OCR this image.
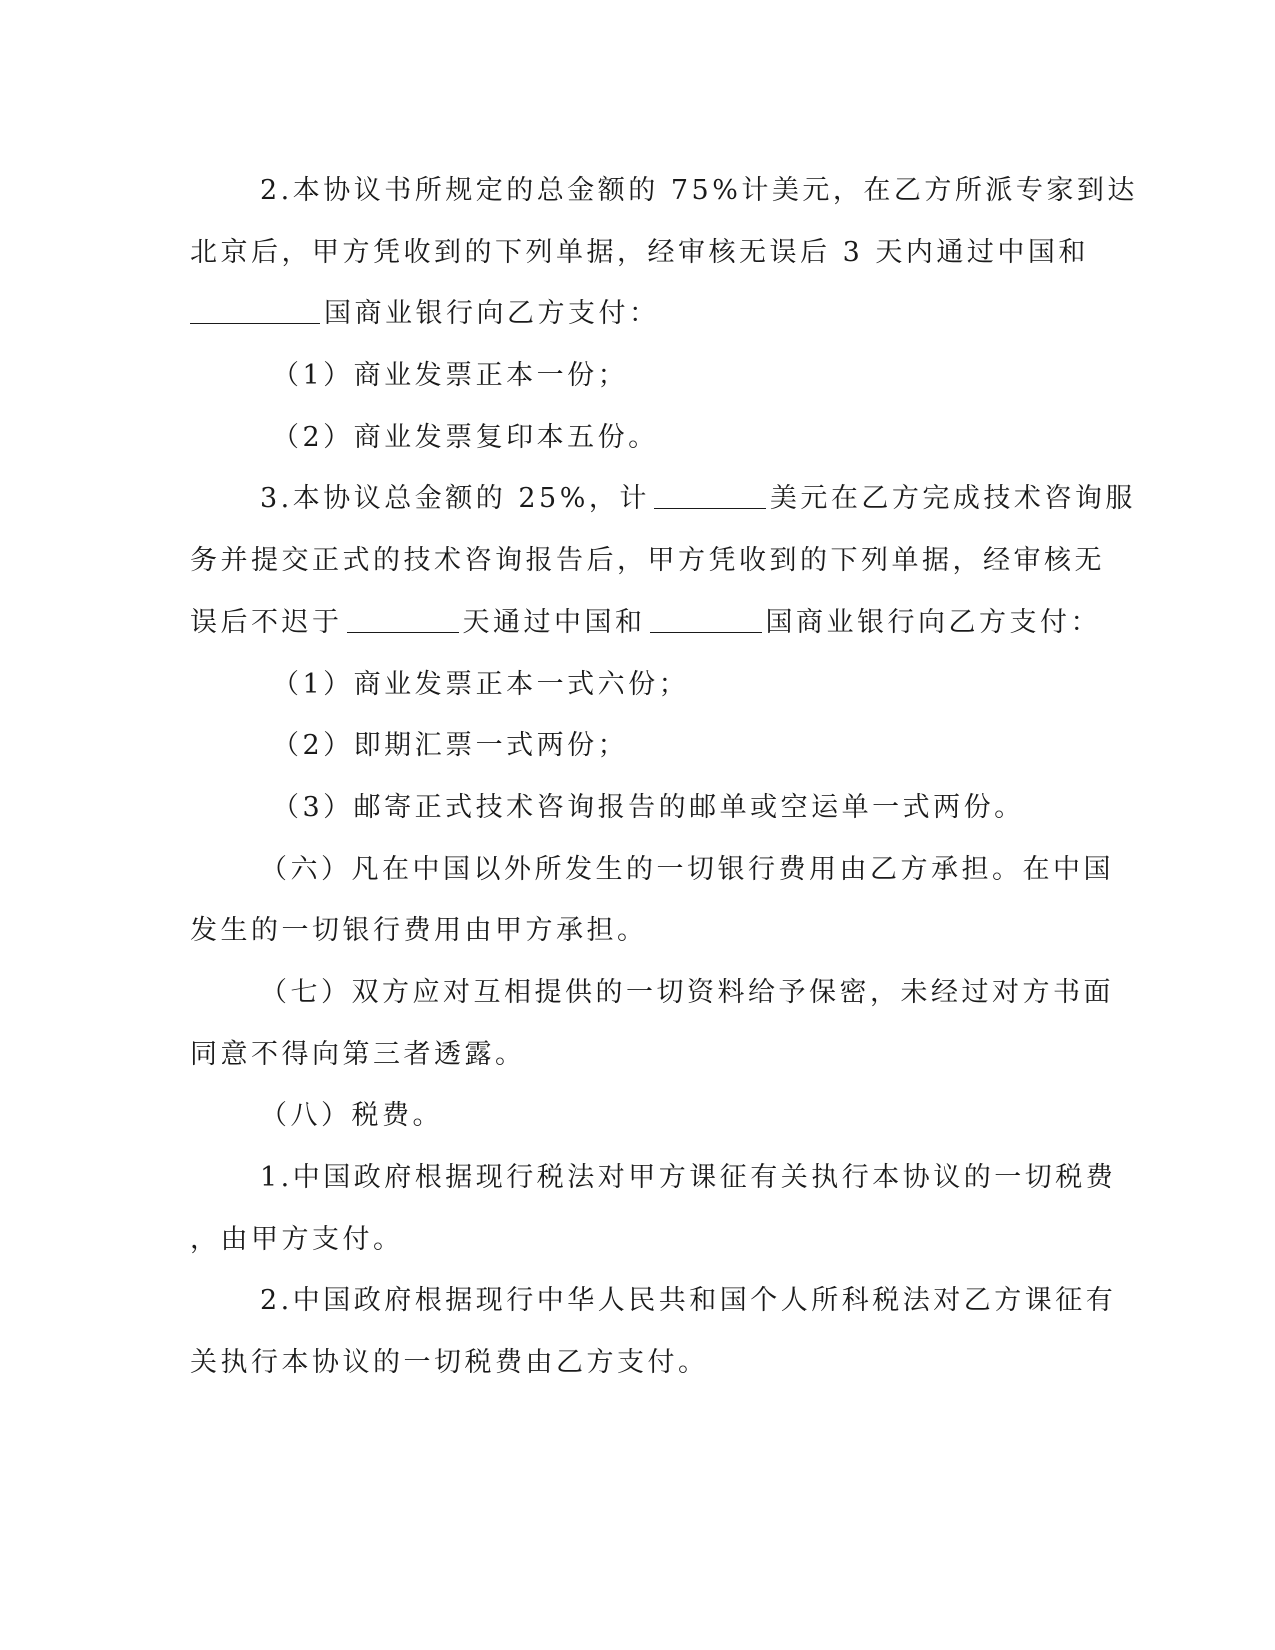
2.本协议书所规定的总金额的 75%计美元，在乙方所派专家到达
北京后，甲方凭收到的下列单据，经审核无误后 3 天内通过中国和
国商业银行向乙方支付：
（1）商业发票正本一份；
（2）商业发票复印本五份。
3.本协议总金额的 25%，计	美元在乙方完成技术咨询服
务并提交正式的技术咨询报告后，甲方凭收到的下列单据，经审核无
误后不迟于	天通过中国和	国商业银行向乙方支付：
（1）商业发票正本一式六份；
（2）即期汇票一式两份；
（3）邮寄正式技术咨询报告的邮单或空运单一式两份。
（六）凡在中国以外所发生的一切银行费用由乙方承担。在中国
发生的一切银行费用由甲方承担。
（七）双方应对互相提供的一切资料给予保密，未经过对方书面
同意不得向第三者透露。
（八）税费。
1.中国政府根据现行税法对甲方课征有关执行本协议的一切税费
，由甲方支付。
2.中国政府根据现行中华人民共和国个人所科税法对乙方课征有
关执行本协议的一切税费由乙方支付。
